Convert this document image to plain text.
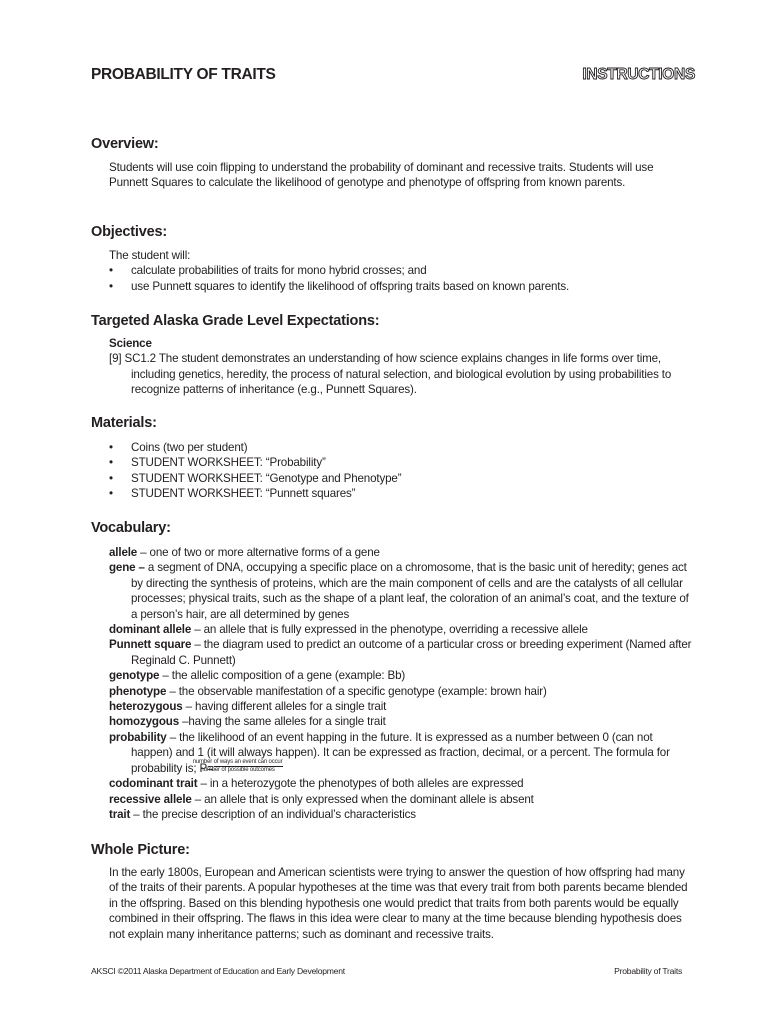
PROBABILITY OF TRAITS	INSTRUCTIONS
Overview:

Students will use coin flipping to understand the probability of dominant and recessive traits. Students will use Punnett Squares to calculate the likelihood of genotype and phenotype of offspring from known parents.

Objectives:

The student will:

• calculate probabilities of traits for mono hybrid crosses; and

• use Punnett squares to identify the likelihood of offspring traits based on known parents.

Targeted Alaska Grade Level Expectations:

Science

[9] SC1.2 The student demonstrates an understanding of how science explains changes in life forms over time, including genetics, heredity, the process of natural selection, and biological evolution by using probabilities to recognize patterns of inheritance (e.g., Punnett Squares).

Materials:

• Coins (two per student)

• STUDENT WORKSHEET: “Probability”

• STUDENT WORKSHEET: “Genotype and Phenotype”

• STUDENT WORKSHEET: “Punnett squares”

Vocabulary:

allele – one of two or more alternative forms of a gene

gene – a segment of DNA, occupying a specific place on a chromosome, that is the basic unit of heredity; genes act by directing the synthesis of proteins, which are the main component of cells and are the catalysts of all cellular processes; physical traits, such as the shape of a plant leaf, the coloration of an animal’s coat, and the texture of a person’s hair, are all determined by genes

dominant allele – an allele that is fully expressed in the phenotype, overriding a recessive allele

Punnett square – the diagram used to predict an outcome of a particular cross or breeding experiment (Named after Reginald C. Punnett)

genotype – the allelic composition of a gene (example: Bb)

phenotype – the observable manifestation of a specific genotype (example: brown hair)

heterozygous – having different alleles for a single trait

homozygous –having the same alleles for a single trait

probability – the likelihood of an event happing in the future. It is expressed as a number between 0 (can not happen) and 1 (it will always happen). It can be expressed as fraction, decimal, or a percent. The formula for probability is; $P= \frac{\text{number of ways an event can occur}}{\text{number of possible outcomes}}$

codominant trait – in a heterozygote the phenotypes of both alleles are expressed

recessive allele – an allele that is only expressed when the dominant allele is absent

trait – the precise description of an individual’s characteristics

Whole Picture:

In the early 1800s, European and American scientists were trying to answer the question of how offspring had many of the traits of their parents. A popular hypotheses at the time was that every trait from both parents became blended in the offspring. Based on this blending hypothesis one would predict that traits from both parents would be equally combined in their offspring. The flaws in this idea were clear to many at the time because blending hypothesis does not explain many inheritance patterns; such as dominant and recessive traits.

AKSCI ©2011 Alaska Department of Education and Early Development	Probability of Traits
